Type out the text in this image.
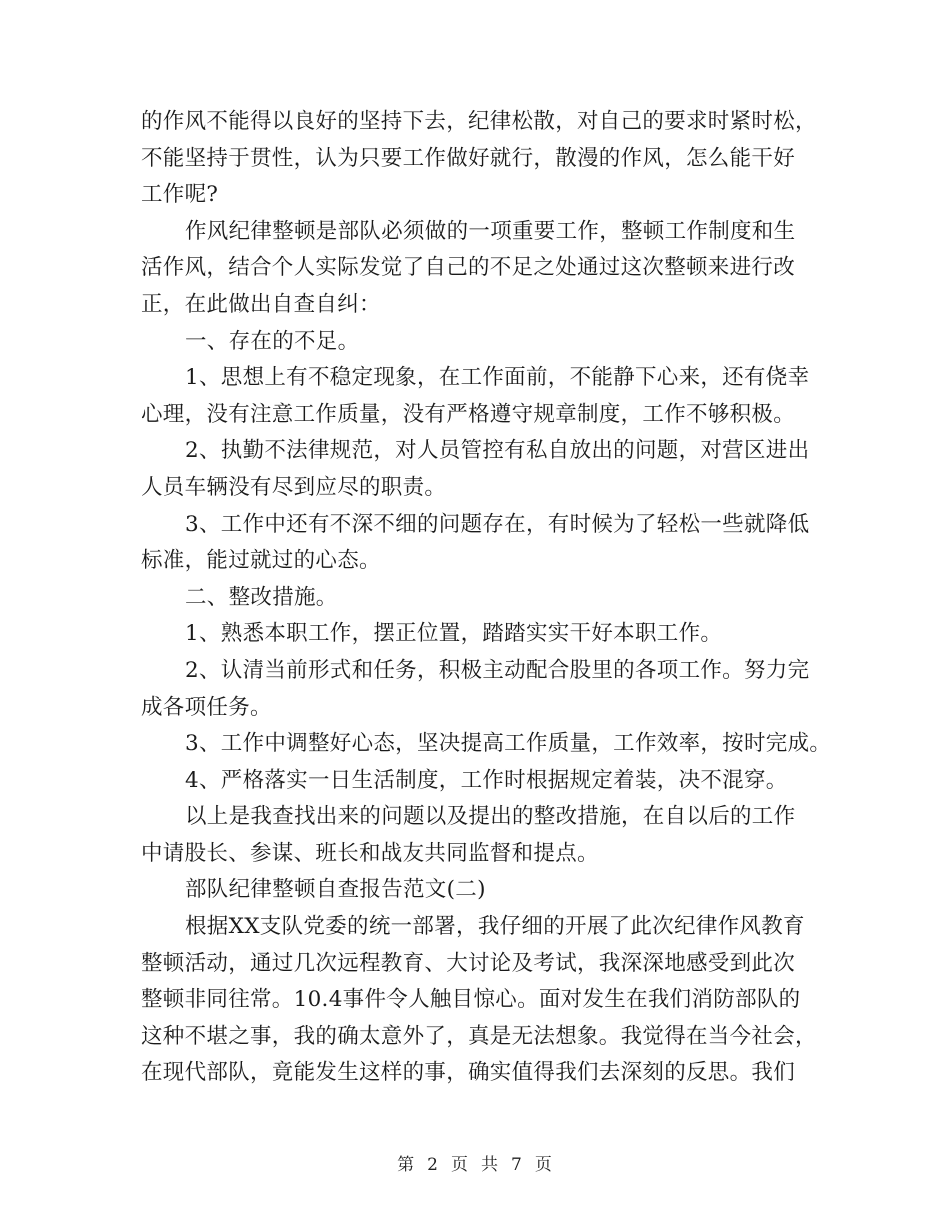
的作风不能得以良好的坚持下去，纪律松散，对自己的要求时紧时松，
不能坚持于贯性，认为只要工作做好就行，散漫的作风，怎么能干好
工作呢?
作风纪律整顿是部队必须做的一项重要工作，整顿工作制度和生
活作风，结合个人实际发觉了自己的不足之处通过这次整顿来进行改
正，在此做出自查自纠：
一、存在的不足。
1、思想上有不稳定现象，在工作面前，不能静下心来，还有侥幸
心理，没有注意工作质量，没有严格遵守规章制度，工作不够积极。
2、执勤不法律规范，对人员管控有私自放出的问题，对营区进出
人员车辆没有尽到应尽的职责。
3、工作中还有不深不细的问题存在，有时候为了轻松一些就降低
标准，能过就过的心态。
二、整改措施。
1、熟悉本职工作，摆正位置，踏踏实实干好本职工作。
2、认清当前形式和任务，积极主动配合股里的各项工作。努力完
成各项任务。
3、工作中调整好心态，坚决提高工作质量，工作效率，按时完成。
4、严格落实一日生活制度，工作时根据规定着装，决不混穿。
以上是我查找出来的问题以及提出的整改措施，在自以后的工作
中请股长、参谋、班长和战友共同监督和提点。
部队纪律整顿自查报告范文(二)
根据XX支队党委的统一部署，我仔细的开展了此次纪律作风教育
整顿活动，通过几次远程教育、大讨论及考试，我深深地感受到此次
整顿非同往常。10.4事件令人触目惊心。面对发生在我们消防部队的
这种不堪之事，我的确太意外了，真是无法想象。我觉得在当今社会，
在现代部队，竟能发生这样的事，确实值得我们去深刻的反思。我们
第 2 页 共 7 页
